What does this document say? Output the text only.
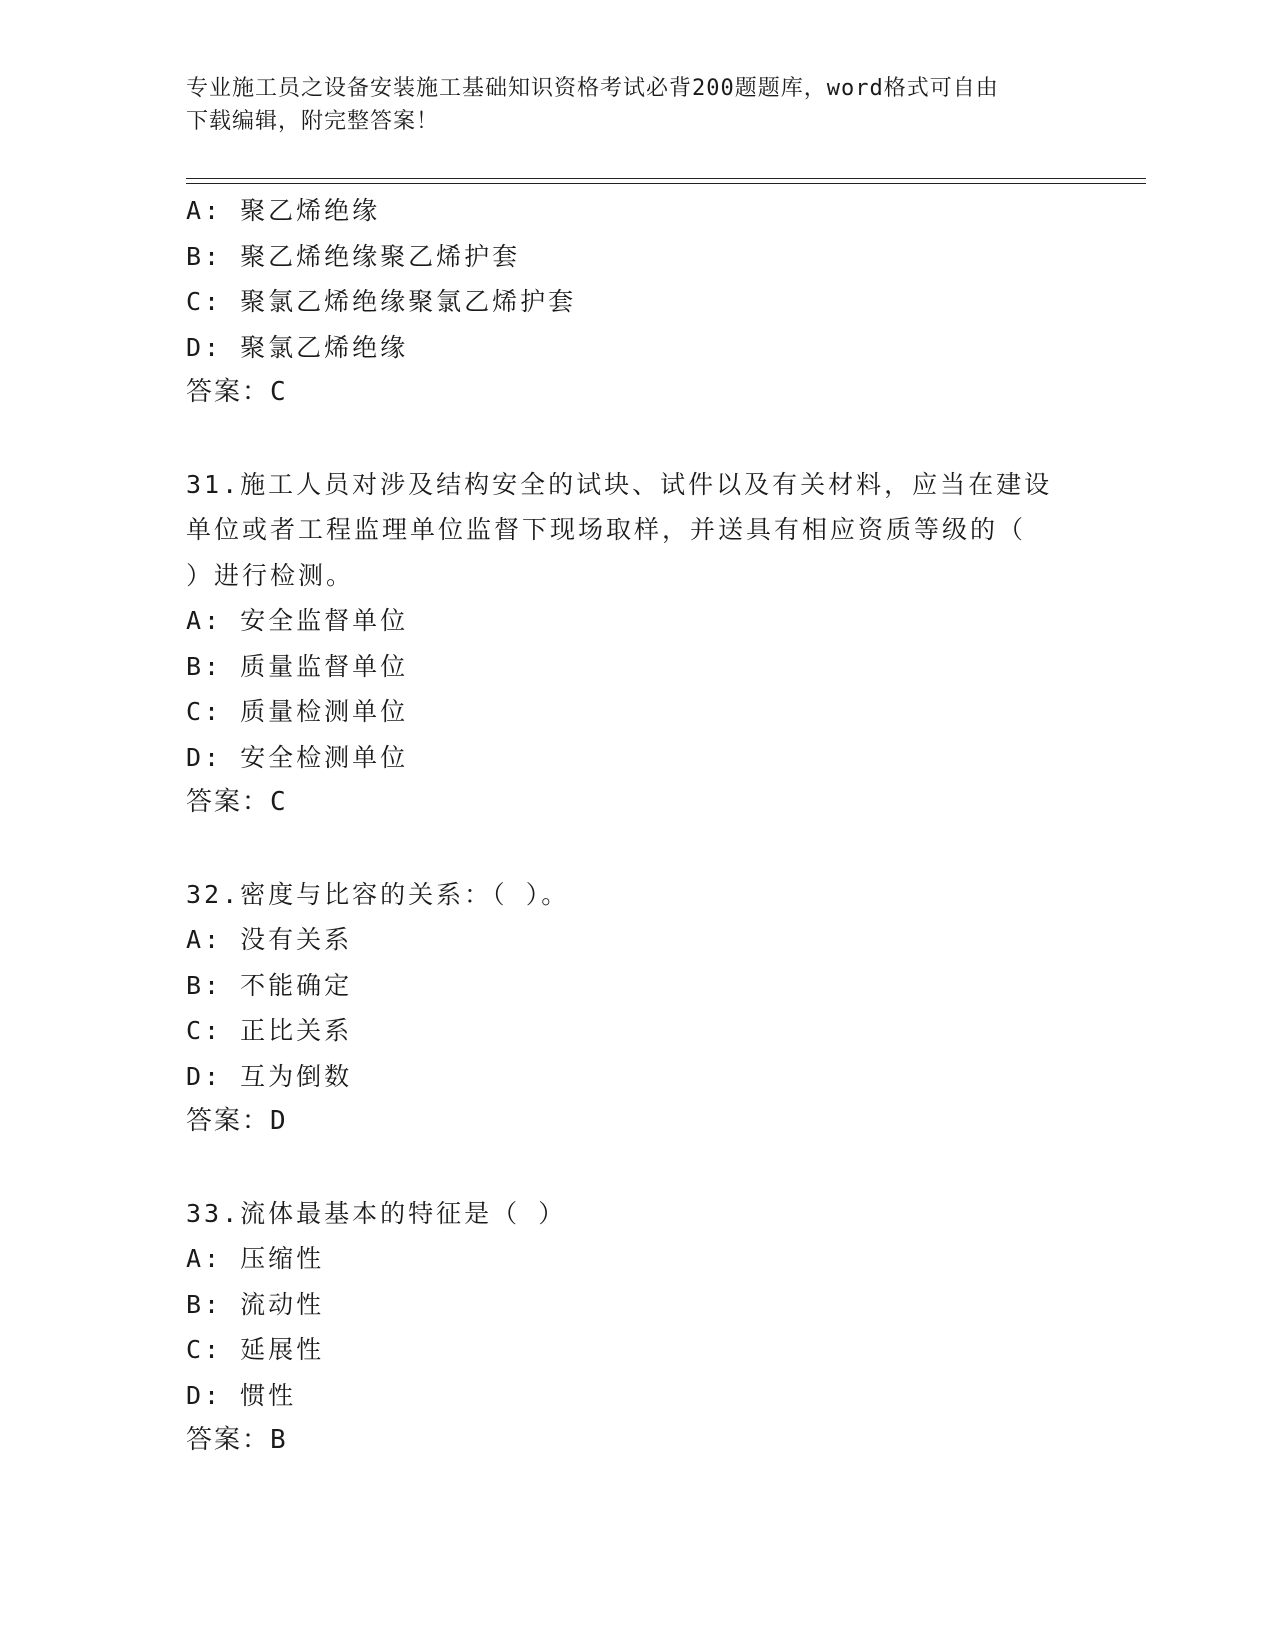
专业施工员之设备安装施工基础知识资格考试必背200题题库，word格式可自由
下载编辑，附完整答案！
A: 聚乙烯绝缘
B: 聚乙烯绝缘聚乙烯护套
C: 聚氯乙烯绝缘聚氯乙烯护套
D: 聚氯乙烯绝缘
答案：C
31.施工人员对涉及结构安全的试块、试件以及有关材料，应当在建设
单位或者工程监理单位监督下现场取样，并送具有相应资质等级的（
）进行检测。
A: 安全监督单位
B: 质量监督单位
C: 质量检测单位
D: 安全检测单位
答案：C
32.密度与比容的关系：（ ）。
A: 没有关系
B: 不能确定
C: 正比关系
D: 互为倒数
答案：D
33.流体最基本的特征是（ ）
A: 压缩性
B: 流动性
C: 延展性
D: 惯性
答案：B
